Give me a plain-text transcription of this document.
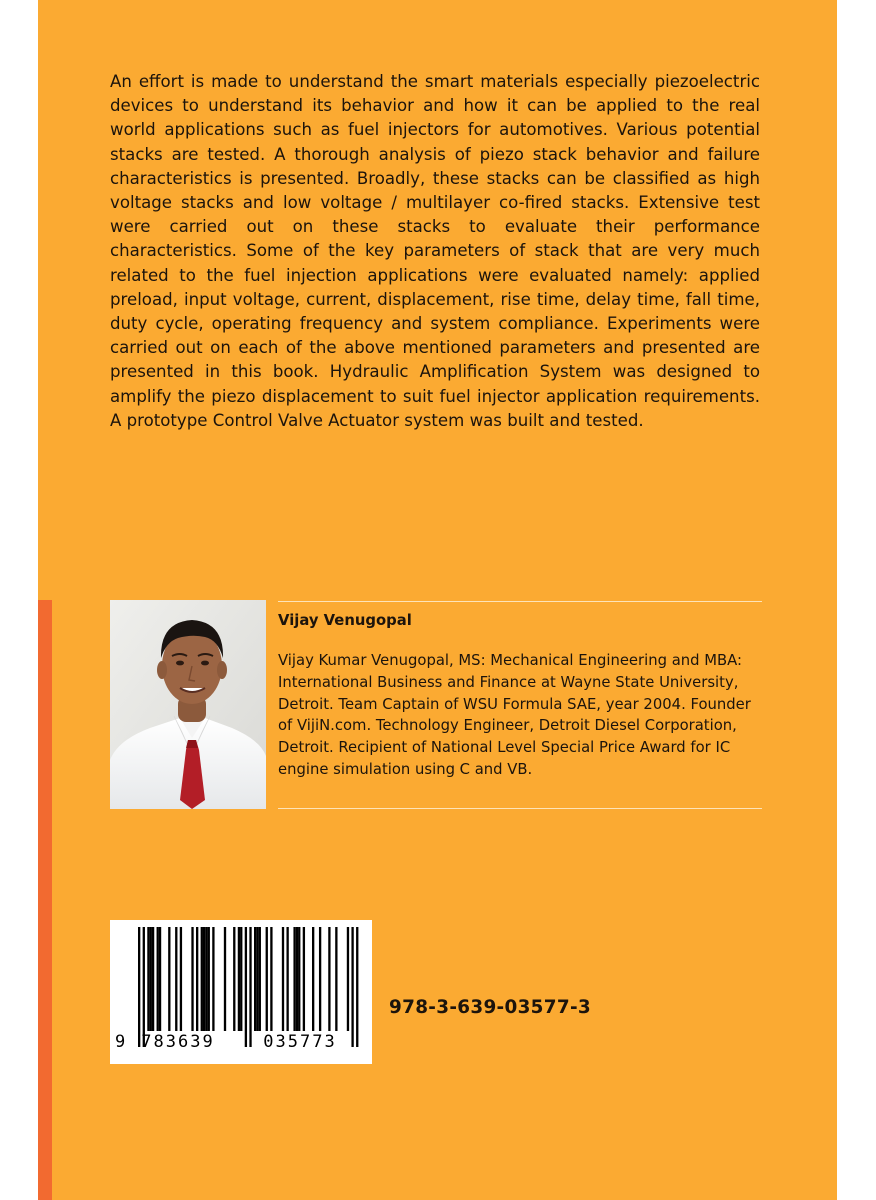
An effort is made to understand the smart materials especially piezoelectric devices to understand its behavior and how it can be applied to the real world applications such as fuel injectors for automotives. Various potential stacks are tested. A thorough analysis of piezo stack behavior and failure characteristics is presented. Broadly, these stacks can be classified as high voltage stacks and low voltage / multilayer co-fired stacks. Extensive test were carried out on these stacks to evaluate their performance characteristics. Some of the key parameters of stack that are very much related to the fuel injection applications were evaluated namely: applied preload, input voltage, current, displacement, rise time, delay time, fall time, duty cycle, operating frequency and system compliance. Experiments were carried out on each of the above mentioned parameters and presented are presented in this book. Hydraulic Amplification System was designed to amplify the piezo displacement to suit fuel injector application requirements. A prototype Control Valve Actuator system was built and tested.

Vijay Venugopal

Vijay Kumar Venugopal, MS: Mechanical Engineering and MBA: International Business and Finance at Wayne State University, Detroit. Team Captain of WSU Formula SAE, year 2004. Founder of VijiN.com. Technology Engineer, Detroit Diesel Corporation, Detroit. Recipient of National Level Special Price Award for IC engine simulation using C and VB.

9 783639	035773

978-3-639-03577-3
